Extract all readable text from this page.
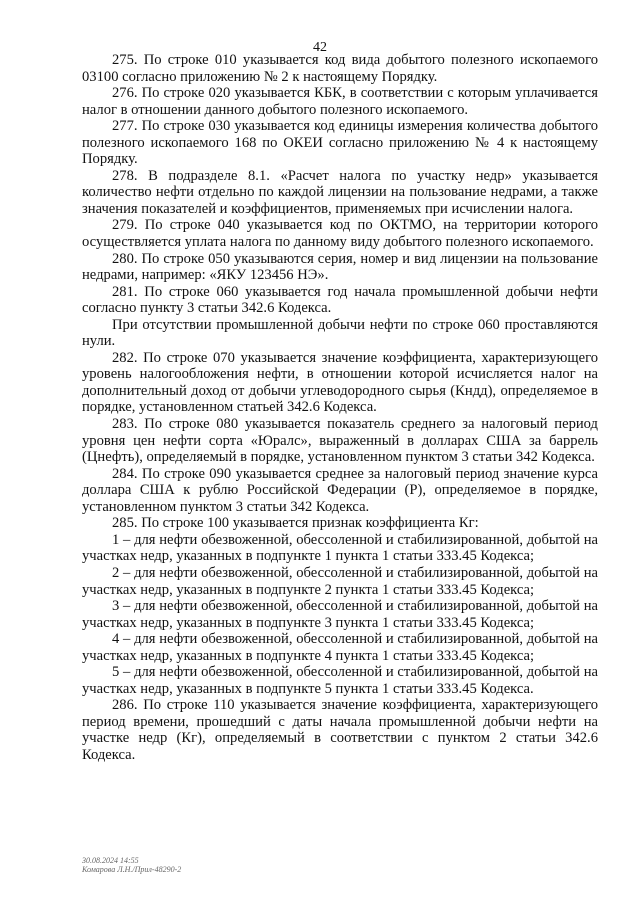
42

275. По строке 010 указывается код вида добытого полезного ископаемого 03100 согласно приложению № 2 к настоящему Порядку.

276. По строке 020 указывается КБК, в соответствии с которым уплачивается налог в отношении данного добытого полезного ископаемого.

277. По строке 030 указывается код единицы измерения количества добытого полезного ископаемого 168 по ОКЕИ согласно приложению № 4 к настоящему Порядку.

278. В подразделе 8.1. «Расчет налога по участку недр» указывается количество нефти отдельно по каждой лицензии на пользование недрами, а также значения показателей и коэффициентов, применяемых при исчислении налога.

279. По строке 040 указывается код по ОКТМО, на территории которого осуществляется уплата налога по данному виду добытого полезного ископаемого.

280. По строке 050 указываются серия, номер и вид лицензии на пользование недрами, например: «ЯКУ 123456 НЭ».

281. По строке 060 указывается год начала промышленной добычи нефти согласно пункту 3 статьи 342.6 Кодекса.

При отсутствии промышленной добычи нефти по строке 060 проставляются нули.

282. По строке 070 указывается значение коэффициента, характеризующего уровень налогообложения нефти, в отношении которой исчисляется налог на дополнительный доход от добычи углеводородного сырья (Кндд), определяемое в порядке, установленном статьей 342.6 Кодекса.

283. По строке 080 указывается показатель среднего за налоговый период уровня цен нефти сорта «Юралс», выраженный в долларах США за баррель (Цнефть), определяемый в порядке, установленном пунктом 3 статьи 342 Кодекса.

284. По строке 090 указывается среднее за налоговый период значение курса доллара США к рублю Российской Федерации (Р), определяемое в порядке, установленном пунктом 3 статьи 342 Кодекса.

285. По строке 100 указывается признак коэффициента Кг:

1 – для нефти обезвоженной, обессоленной и стабилизированной, добытой на участках недр, указанных в подпункте 1 пункта 1 статьи 333.45 Кодекса;

2 – для нефти обезвоженной, обессоленной и стабилизированной, добытой на участках недр, указанных в подпункте 2 пункта 1 статьи 333.45 Кодекса;

3 – для нефти обезвоженной, обессоленной и стабилизированной, добытой на участках недр, указанных в подпункте 3 пункта 1 статьи 333.45 Кодекса;

4 – для нефти обезвоженной, обессоленной и стабилизированной, добытой на участках недр, указанных в подпункте 4 пункта 1 статьи 333.45 Кодекса;

5 – для нефти обезвоженной, обессоленной и стабилизированной, добытой на участках недр, указанных в подпункте 5 пункта 1 статьи 333.45 Кодекса.

286. По строке 110 указывается значение коэффициента, характеризующего период времени, прошедший с даты начала промышленной добычи нефти на участке недр (Кг), определяемый в соответствии с пунктом 2 статьи 342.6 Кодекса.

30.08.2024 14:55
Комарова Л.Н./Прил-48290-2
